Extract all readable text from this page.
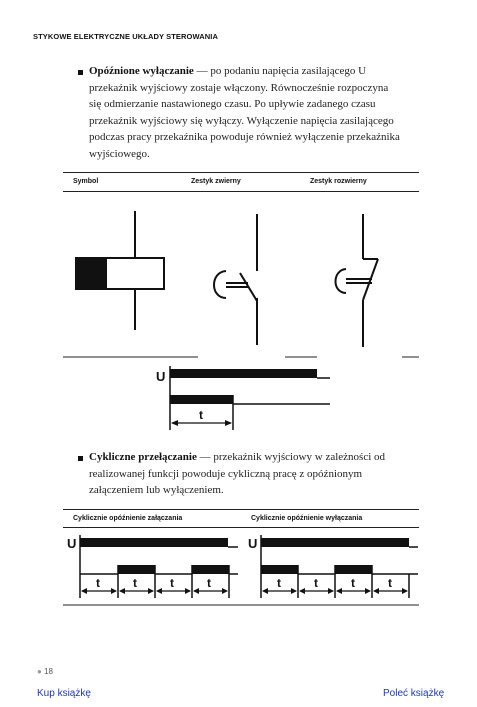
STYKOWE ELEKTRYCZNE UKŁADY STEROWANIA
Opóźnione wyłączanie — po podaniu napięcia zasilającego U
przekaźnik wyjściowy zostaje włączony. Równocześnie rozpoczyna
się odmierzanie nastawionego czasu. Po upływie zadanego czasu
przekaźnik wyjściowy się wyłączy. Wyłączenie napięcia zasilającego
podczas pracy przekaźnika powoduje również wyłączenie przekaźnika
wyjściowego.
Symbol	Zestyk zwierny	Zestyk rozwierny
U
t
Cykliczne przełączanie — przekaźnik wyjściowy w zależności od
realizowanej funkcji powoduje cykliczną pracę z opóźnionym
załączeniem lub wyłączeniem.
Cyklicznie opóźnienie załączania	Cyklicznie opóźnienie wyłączania
U
t	t	t	t
U
t	t	t	t
● 18
Kup książkę	Poleć książkę
